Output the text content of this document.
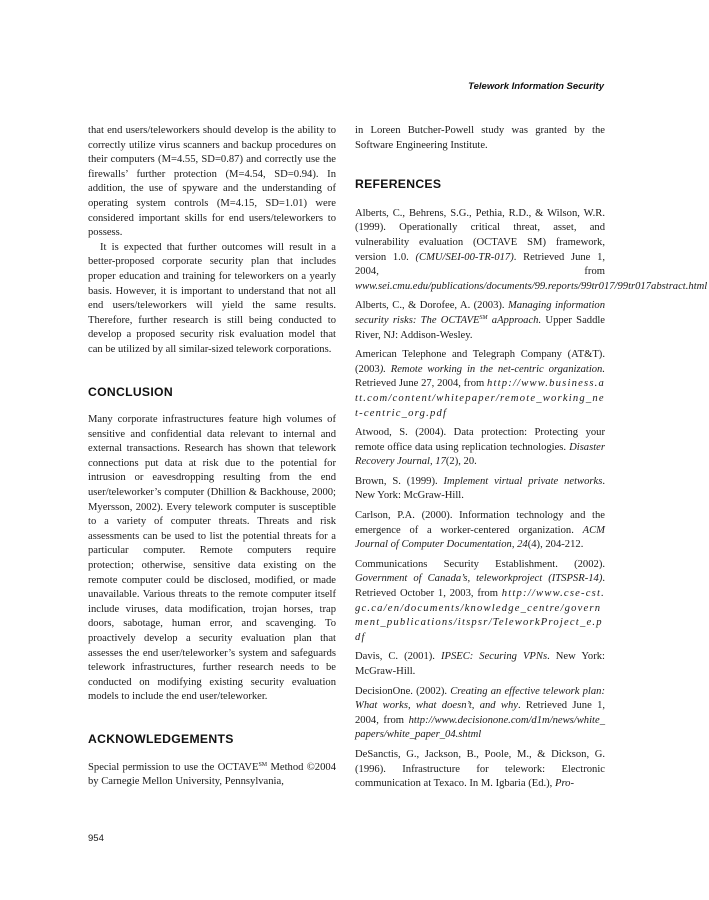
Telework Information Security

that end users/teleworkers should develop is the ability to correctly utilize virus scanners and backup procedures on their computers (M=4.55, SD=0.87) and correctly use the firewalls’ further protection (M=4.54, SD=0.94). In addition, the use of spyware and the understanding of operating system controls (M=4.15, SD=1.01) were considered important skills for end users/teleworkers to possess.

It is expected that further outcomes will result in a better-proposed corporate security plan that includes proper education and training for teleworkers on a yearly basis. However, it is important to understand that not all end users/teleworkers will yield the same results. Therefore, further research is still being conducted to develop a proposed security risk evaluation model that can be utilized by all similar-sized telework corporations.

CONCLUSION

Many corporate infrastructures feature high volumes of sensitive and confidential data relevant to internal and external transactions. Research has shown that telework connections put data at risk due to the potential for intrusion or eavesdropping resulting from the end user/teleworker’s computer (Dhillion & Backhouse, 2000; Myersson, 2002). Every telework computer is susceptible to a variety of computer threats. Threats and risk assessments can be used to list the potential threats for a particular computer. Remote computers require protection; otherwise, sensitive data existing on the remote computer could be disclosed, modified, or made unavailable. Various threats to the remote computer itself include viruses, data modification, trojan horses, trap doors, sabotage, human error, and scavenging. To proactively develop a security evaluation plan that assesses the end user/teleworker’s system and safeguards telework infrastructures, further research needs to be conducted on modifying existing security evaluation models to include the end user/teleworker.

ACKNOWLEDGEMENTS

Special permission to use the OCTAVE℠ Method ©2004 by Carnegie Mellon University, Pennsylvania,

in Loreen Butcher-Powell study was granted by the Software Engineering Institute.

REFERENCES

Alberts, C., Behrens, S.G., Pethia, R.D., & Wilson, W.R. (1999). Operationally critical threat, asset, and vulnerability evaluation (OCTAVE SM) framework, version 1.0. (CMU/SEI-00-TR-017). Retrieved June 1, 2004, from www.sei.cmu.edu/publications/documents/99.reports/99tr017/99tr017abstract.html

Alberts, C., & Dorofee, A. (2003). Managing information security risks: The OCTAVE℠ aApproach. Upper Saddle River, NJ: Addison-Wesley.

American Telephone and Telegraph Company (AT&T). (2003). Remote working in the net-centric organization. Retrieved June 27, 2004, from http://www.business.att.com/content/whitepaper/remote_working_net-centric_org.pdf

Atwood, S. (2004). Data protection: Protecting your remote office data using replication technologies. Disaster Recovery Journal, 17(2), 20.

Brown, S. (1999). Implement virtual private networks. New York: McGraw-Hill.

Carlson, P.A. (2000). Information technology and the emergence of a worker-centered organization. ACM Journal of Computer Documentation, 24(4), 204-212.

Communications Security Establishment. (2002). Government of Canada’s, teleworkproject (ITSPSR-14). Retrieved October 1, 2003, from http://www.cse-cst.gc.ca/en/documents/knowledge_centre/government_publications/itspsr/TeleworkProject_e.pdf

Davis, C. (2001). IPSEC: Securing VPNs. New York: McGraw-Hill.

DecisionOne. (2002). Creating an effective telework plan: What works, what doesn’t, and why. Retrieved June 1, 2004, from http://www.decisionone.com/d1m/news/white_papers/white_paper_04.shtml

DeSanctis, G., Jackson, B., Poole, M., & Dickson, G. (1996). Infrastructure for telework: Electronic communication at Texaco. In M. Igbaria (Ed.), Pro-

954
